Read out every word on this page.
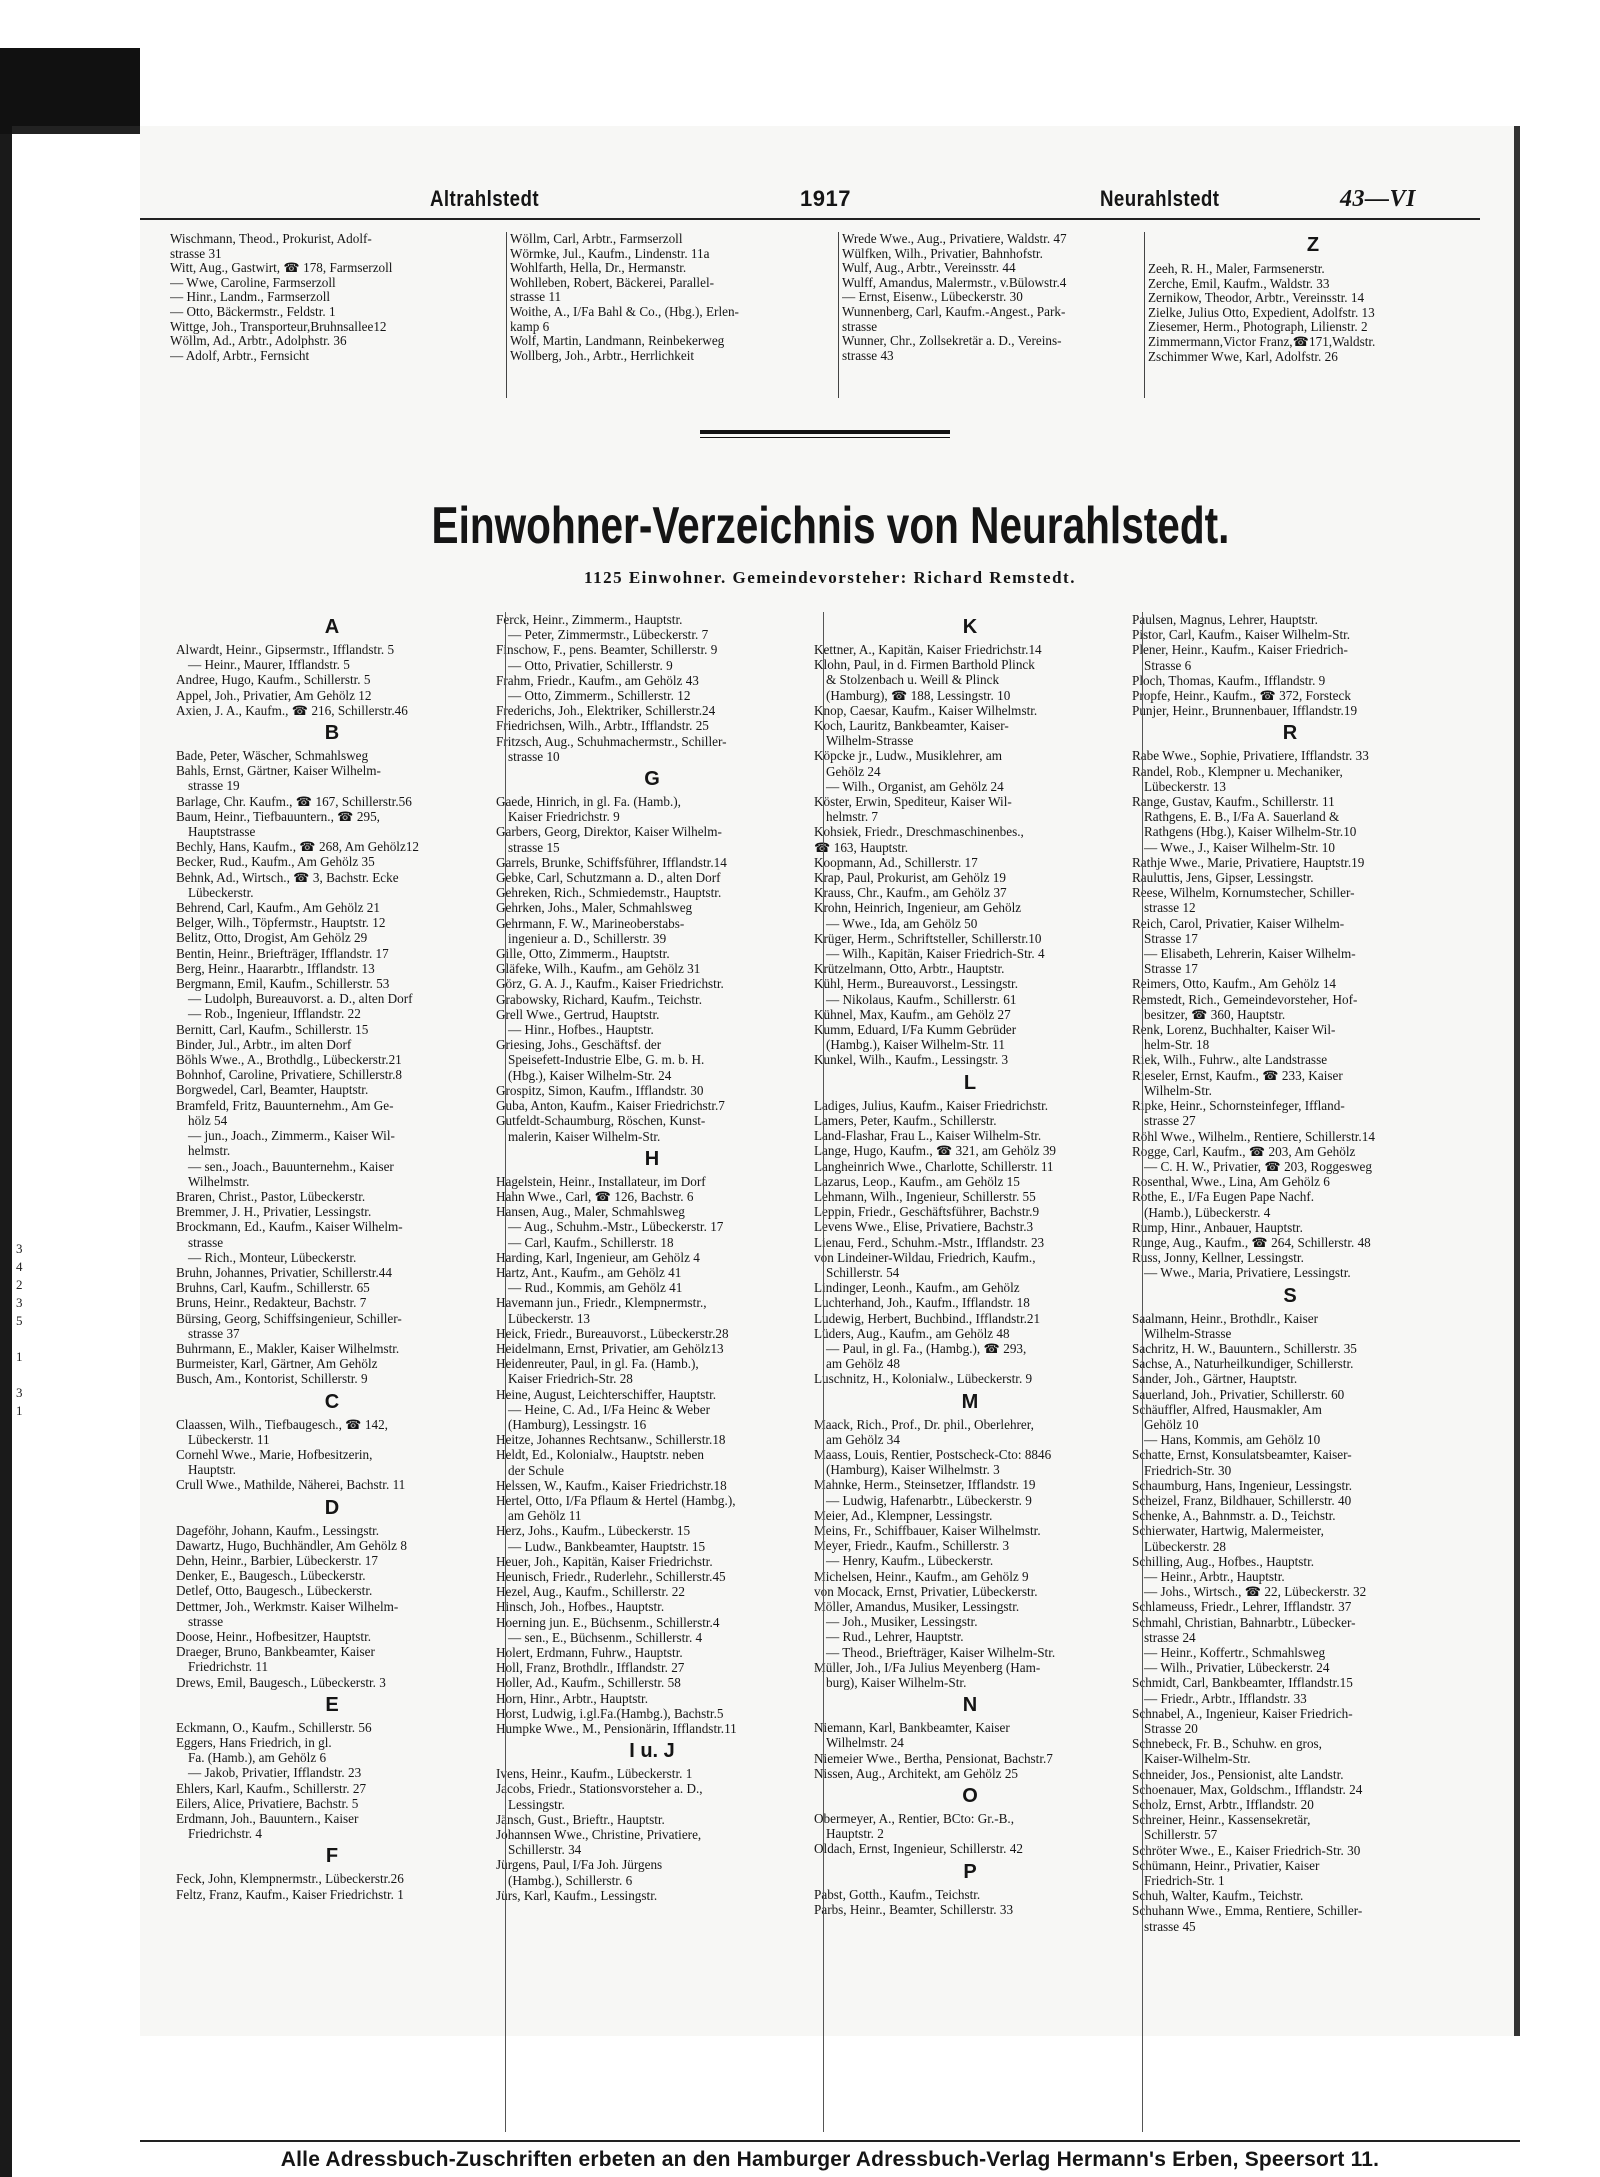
3
4
2
3
5

1

3
1
Altrahlstedt	1917	Neurahlstedt	43—VI
Wischmann, Theod., Prokurist, Adolf-
strasse 31
Witt, Aug., Gastwirt, ☎ 178, Farmserzoll
— Wwe, Caroline, Farmserzoll
— Hinr., Landm., Farmserzoll
— Otto, Bäckermstr., Feldstr. 1
Wittge, Joh., Transporteur,Bruhnsallee12
Wöllm, Ad., Arbtr., Adolphstr. 36
— Adolf, Arbtr., Fernsicht
Wöllm, Carl, Arbtr., Farmserzoll
Wörmke, Jul., Kaufm., Lindenstr. 11a
Wohlfarth, Hella, Dr., Hermanstr.
Wohlleben, Robert, Bäckerei, Parallel-
strasse 11
Woithe, A., I/Fa Bahl & Co., (Hbg.), Erlen-
kamp 6
Wolf, Martin, Landmann, Reinbekerweg
Wollberg, Joh., Arbtr., Herrlichkeit
Wrede Wwe., Aug., Privatiere, Waldstr. 47
Wülfken, Wilh., Privatier, Bahnhofstr.
Wulf, Aug., Arbtr., Vereinsstr. 44
Wulff, Amandus, Malermstr., v.Bülowstr.4
— Ernst, Eisenw., Lübeckerstr. 30
Wunnenberg, Carl, Kaufm.-Angest., Park-
strasse
Wunner, Chr., Zollsekretär a. D., Vereins-
strasse 43
Z
Zeeh, R. H., Maler, Farmsenerstr.
Zerche, Emil, Kaufm., Waldstr. 33
Zernikow, Theodor, Arbtr., Vereinsstr. 14
Zielke, Julius Otto, Expedient, Adolfstr. 13
Ziesemer, Herm., Photograph, Lilienstr. 2
Zimmermann,Victor Franz,☎171,Waldstr.
Zschimmer Wwe, Karl, Adolfstr. 26
Einwohner-Verzeichnis von Neurahlstedt.
1125 Einwohner. Gemeindevorsteher: Richard Remstedt.
A
Alwardt, Heinr., Gipsermstr., Ifflandstr. 5
— Heinr., Maurer, Ifflandstr. 5
Andree, Hugo, Kaufm., Schillerstr. 5
Appel, Joh., Privatier, Am Gehölz 12
Axien, J. A., Kaufm., ☎ 216, Schillerstr.46
B
Bade, Peter, Wäscher, Schmahlsweg
Bahls, Ernst, Gärtner, Kaiser Wilhelm-
strasse 19
Barlage, Chr. Kaufm., ☎ 167, Schillerstr.56
Baum, Heinr., Tiefbauuntern., ☎ 295,
Hauptstrasse
Bechly, Hans, Kaufm., ☎ 268, Am Gehölz12
Becker, Rud., Kaufm., Am Gehölz 35
Behnk, Ad., Wirtsch., ☎ 3, Bachstr. Ecke
Lübeckerstr.
Behrend, Carl, Kaufm., Am Gehölz 21
Belger, Wilh., Töpfermstr., Hauptstr. 12
Belitz, Otto, Drogist, Am Gehölz 29
Bentin, Heinr., Briefträger, Ifflandstr. 17
Berg, Heinr., Haararbtr., Ifflandstr. 13
Bergmann, Emil, Kaufm., Schillerstr. 53
— Ludolph, Bureauvorst. a. D., alten Dorf
— Rob., Ingenieur, Ifflandstr. 22
Bernitt, Carl, Kaufm., Schillerstr. 15
Binder, Jul., Arbtr., im alten Dorf
Böhls Wwe., A., Brothdlg., Lübeckerstr.21
Bohnhof, Caroline, Privatiere, Schillerstr.8
Borgwedel, Carl, Beamter, Hauptstr.
Bramfeld, Fritz, Bauunternehm., Am Ge-
hölz 54
— jun., Joach., Zimmerm., Kaiser Wil-
helmstr.
— sen., Joach., Bauunternehm., Kaiser
Wilhelmstr.
Braren, Christ., Pastor, Lübeckerstr.
Bremmer, J. H., Privatier, Lessingstr.
Brockmann, Ed., Kaufm., Kaiser Wilhelm-
strasse
— Rich., Monteur, Lübeckerstr.
Bruhn, Johannes, Privatier, Schillerstr.44
Bruhns, Carl, Kaufm., Schillerstr. 65
Bruns, Heinr., Redakteur, Bachstr. 7
Bürsing, Georg, Schiffsingenieur, Schiller-
strasse 37
Buhrmann, E., Makler, Kaiser Wilhelmstr.
Burmeister, Karl, Gärtner, Am Gehölz
Busch, Am., Kontorist, Schillerstr. 9
C
Claassen, Wilh., Tiefbaugesch., ☎ 142,
Lübeckerstr. 11
Cornehl Wwe., Marie, Hofbesitzerin,
Hauptstr.
Crull Wwe., Mathilde, Näherei, Bachstr. 11
D
Dageföhr, Johann, Kaufm., Lessingstr.
Dawartz, Hugo, Buchhändler, Am Gehölz 8
Dehn, Heinr., Barbier, Lübeckerstr. 17
Denker, E., Baugesch., Lübeckerstr.
Detlef, Otto, Baugesch., Lübeckerstr.
Dettmer, Joh., Werkmstr. Kaiser Wilhelm-
strasse
Doose, Heinr., Hofbesitzer, Hauptstr.
Draeger, Bruno, Bankbeamter, Kaiser
Friedrichstr. 11
Drews, Emil, Baugesch., Lübeckerstr. 3
E
Eckmann, O., Kaufm., Schillerstr. 56
Eggers, Hans Friedrich, in gl.
Fa. (Hamb.), am Gehölz 6
— Jakob, Privatier, Ifflandstr. 23
Ehlers, Karl, Kaufm., Schillerstr. 27
Eilers, Alice, Privatiere, Bachstr. 5
Erdmann, Joh., Bauuntern., Kaiser
Friedrichstr. 4
F
Feck, John, Klempnermstr., Lübeckerstr.26
Feltz, Franz, Kaufm., Kaiser Friedrichstr. 1
Ferck, Heinr., Zimmerm., Hauptstr.
— Peter, Zimmermstr., Lübeckerstr. 7
Finschow, F., pens. Beamter, Schillerstr. 9
— Otto, Privatier, Schillerstr. 9
Frahm, Friedr., Kaufm., am Gehölz 43
— Otto, Zimmerm., Schillerstr. 12
Frederichs, Joh., Elektriker, Schillerstr.24
Friedrichsen, Wilh., Arbtr., Ifflandstr. 25
Fritzsch, Aug., Schuhmachermstr., Schiller-
strasse 10
G
Gaede, Hinrich, in gl. Fa. (Hamb.),
Kaiser Friedrichstr. 9
Garbers, Georg, Direktor, Kaiser Wilhelm-
strasse 15
Garrels, Brunke, Schiffsführer, Ifflandstr.14
Gebke, Carl, Schutzmann a. D., alten Dorf
Gehreken, Rich., Schmiedemstr., Hauptstr.
Gehrken, Johs., Maler, Schmahlsweg
Gehrmann, F. W., Marineoberstabs-
ingenieur a. D., Schillerstr. 39
Gille, Otto, Zimmerm., Hauptstr.
Gläfeke, Wilh., Kaufm., am Gehölz 31
Görz, G. A. J., Kaufm., Kaiser Friedrichstr.
Grabowsky, Richard, Kaufm., Teichstr.
Grell Wwe., Gertrud, Hauptstr.
— Hinr., Hofbes., Hauptstr.
Griesing, Johs., Geschäftsf. der
Speisefett-Industrie Elbe, G. m. b. H.
(Hbg.), Kaiser Wilhelm-Str. 24
Grospitz, Simon, Kaufm., Ifflandstr. 30
Guba, Anton, Kaufm., Kaiser Friedrichstr.7
Gutfeldt-Schaumburg, Röschen, Kunst-
malerin, Kaiser Wilhelm-Str.
H
Hagelstein, Heinr., Installateur, im Dorf
Hahn Wwe., Carl, ☎ 126, Bachstr. 6
Hansen, Aug., Maler, Schmahlsweg
— Aug., Schuhm.-Mstr., Lübeckerstr. 17
— Carl, Kaufm., Schillerstr. 18
Harding, Karl, Ingenieur, am Gehölz 4
Hartz, Ant., Kaufm., am Gehölz 41
— Rud., Kommis, am Gehölz 41
Havemann jun., Friedr., Klempnermstr.,
Lübeckerstr. 13
Heick, Friedr., Bureauvorst., Lübeckerstr.28
Heidelmann, Ernst, Privatier, am Gehölz13
Heidenreuter, Paul, in gl. Fa. (Hamb.),
Kaiser Friedrich-Str. 28
Heine, August, Leichterschiffer, Hauptstr.
— Heine, C. Ad., I/Fa Heinc & Weber
(Hamburg), Lessingstr. 16
Heitze, Johannes Rechtsanw., Schillerstr.18
Heldt, Ed., Kolonialw., Hauptstr. neben
der Schule
Helssen, W., Kaufm., Kaiser Friedrichstr.18
Hertel, Otto, I/Fa Pflaum & Hertel (Hambg.),
am Gehölz 11
Herz, Johs., Kaufm., Lübeckerstr. 15
— Ludw., Bankbeamter, Hauptstr. 15
Heuer, Joh., Kapitän, Kaiser Friedrichstr.
Heunisch, Friedr., Ruderlehr., Schillerstr.45
Hezel, Aug., Kaufm., Schillerstr. 22
Hinsch, Joh., Hofbes., Hauptstr.
Hoerning jun. E., Büchsenm., Schillerstr.4
— sen., E., Büchsenm., Schillerstr. 4
Holert, Erdmann, Fuhrw., Hauptstr.
Holl, Franz, Brothdlr., Ifflandstr. 27
Holler, Ad., Kaufm., Schillerstr. 58
Horn, Hinr., Arbtr., Hauptstr.
Horst, Ludwig, i.gl.Fa.(Hambg.), Bachstr.5
Humpke Wwe., M., Pensionärin, Ifflandstr.11
I u. J
Ivens, Heinr., Kaufm., Lübeckerstr. 1
Jacobs, Friedr., Stationsvorsteher a. D.,
Lessingstr.
Jänsch, Gust., Brieftr., Hauptstr.
Johannsen Wwe., Christine, Privatiere,
Schillerstr. 34
Jürgens, Paul, I/Fa Joh. Jürgens
(Hambg.), Schillerstr. 6
Jürs, Karl, Kaufm., Lessingstr.
K
Kettner, A., Kapitän, Kaiser Friedrichstr.14
Klohn, Paul, in d. Firmen Barthold Plinck
& Stolzenbach u. Weill & Plinck
(Hamburg), ☎ 188, Lessingstr. 10
Knop, Caesar, Kaufm., Kaiser Wilhelmstr.
Koch, Lauritz, Bankbeamter, Kaiser-
Wilhelm-Strasse
Köpcke jr., Ludw., Musiklehrer, am
Gehölz 24
— Wilh., Organist, am Gehölz 24
Köster, Erwin, Spediteur, Kaiser Wil-
helmstr. 7
Kohsiek, Friedr., Dreschmaschinenbes.,
☎ 163, Hauptstr.
Koopmann, Ad., Schillerstr. 17
Krap, Paul, Prokurist, am Gehölz 19
Krauss, Chr., Kaufm., am Gehölz 37
Krohn, Heinrich, Ingenieur, am Gehölz
— Wwe., Ida, am Gehölz 50
Krüger, Herm., Schriftsteller, Schillerstr.10
— Wilh., Kapitän, Kaiser Friedrich-Str. 4
Krützelmann, Otto, Arbtr., Hauptstr.
Kühl, Herm., Bureauvorst., Lessingstr.
— Nikolaus, Kaufm., Schillerstr. 61
Kühnel, Max, Kaufm., am Gehölz 27
Kumm, Eduard, I/Fa Kumm Gebrüder
(Hambg.), Kaiser Wilhelm-Str. 11
Kunkel, Wilh., Kaufm., Lessingstr. 3
L
Ladiges, Julius, Kaufm., Kaiser Friedrichstr.
Lamers, Peter, Kaufm., Schillerstr.
Land-Flashar, Frau L., Kaiser Wilhelm-Str.
Lange, Hugo, Kaufm., ☎ 321, am Gehölz 39
Langheinrich Wwe., Charlotte, Schillerstr. 11
Lazarus, Leop., Kaufm., am Gehölz 15
Lehmann, Wilh., Ingenieur, Schillerstr. 55
Leppin, Friedr., Geschäftsführer, Bachstr.9
Levens Wwe., Elise, Privatiere, Bachstr.3
Lienau, Ferd., Schuhm.-Mstr., Ifflandstr. 23
von Lindeiner-Wildau, Friedrich, Kaufm.,
Schillerstr. 54
Lindinger, Leonh., Kaufm., am Gehölz
Luchterhand, Joh., Kaufm., Ifflandstr. 18
Ludewig, Herbert, Buchbind., Ifflandstr.21
Lüders, Aug., Kaufm., am Gehölz 48
— Paul, in gl. Fa., (Hambg.), ☎ 293,
am Gehölz 48
Luschnitz, H., Kolonialw., Lübeckerstr. 9
M
Maack, Rich., Prof., Dr. phil., Oberlehrer,
am Gehölz 34
Maass, Louis, Rentier, Postscheck-Cto: 8846
(Hamburg), Kaiser Wilhelmstr. 3
Mahnke, Herm., Steinsetzer, Ifflandstr. 19
— Ludwig, Hafenarbtr., Lübeckerstr. 9
Meier, Ad., Klempner, Lessingstr.
Meins, Fr., Schiffbauer, Kaiser Wilhelmstr.
Meyer, Friedr., Kaufm., Schillerstr. 3
— Henry, Kaufm., Lübeckerstr.
Michelsen, Heinr., Kaufm., am Gehölz 9
von Mocack, Ernst, Privatier, Lübeckerstr.
Möller, Amandus, Musiker, Lessingstr.
— Joh., Musiker, Lessingstr.
— Rud., Lehrer, Hauptstr.
— Theod., Briefträger, Kaiser Wilhelm-Str.
Müller, Joh., I/Fa Julius Meyenberg (Ham-
burg), Kaiser Wilhelm-Str.
N
Niemann, Karl, Bankbeamter, Kaiser
Wilhelmstr. 24
Niemeier Wwe., Bertha, Pensionat, Bachstr.7
Nissen, Aug., Architekt, am Gehölz 25
O
Obermeyer, A., Rentier, BCto: Gr.-B.,
Hauptstr. 2
Oldach, Ernst, Ingenieur, Schillerstr. 42
P
Pabst, Gotth., Kaufm., Teichstr.
Parbs, Heinr., Beamter, Schillerstr. 33
Paulsen, Magnus, Lehrer, Hauptstr.
Pistor, Carl, Kaufm., Kaiser Wilhelm-Str.
Plener, Heinr., Kaufm., Kaiser Friedrich-
Strasse 6
Ploch, Thomas, Kaufm., Ifflandstr. 9
Propfe, Heinr., Kaufm., ☎ 372, Forsteck
Punjer, Heinr., Brunnenbauer, Ifflandstr.19
R
Rabe Wwe., Sophie, Privatiere, Ifflandstr. 33
Randel, Rob., Klempner u. Mechaniker,
Lübeckerstr. 13
Range, Gustav, Kaufm., Schillerstr. 11
Rathgens, E. B., I/Fa A. Sauerland &
Rathgens (Hbg.), Kaiser Wilhelm-Str.10
— Wwe., J., Kaiser Wilhelm-Str. 10
Rathje Wwe., Marie, Privatiere, Hauptstr.19
Rauluttis, Jens, Gipser, Lessingstr.
Reese, Wilhelm, Kornumstecher, Schiller-
strasse 12
Reich, Carol, Privatier, Kaiser Wilhelm-
Strasse 17
— Elisabeth, Lehrerin, Kaiser Wilhelm-
Strasse 17
Reimers, Otto, Kaufm., Am Gehölz 14
Remstedt, Rich., Gemeindevorsteher, Hof-
besitzer, ☎ 360, Hauptstr.
Renk, Lorenz, Buchhalter, Kaiser Wil-
helm-Str. 18
Riek, Wilh., Fuhrw., alte Landstrasse
Rieseler, Ernst, Kaufm., ☎ 233, Kaiser
Wilhelm-Str.
Ripke, Heinr., Schornsteinfeger, Iffland-
strasse 27
Röhl Wwe., Wilhelm., Rentiere, Schillerstr.14
Rogge, Carl, Kaufm., ☎ 203, Am Gehölz
— C. H. W., Privatier, ☎ 203, Roggesweg
Rosenthal, Wwe., Lina, Am Gehölz 6
Rothe, E., I/Fa Eugen Pape Nachf.
(Hamb.), Lübeckerstr. 4
Rump, Hinr., Anbauer, Hauptstr.
Runge, Aug., Kaufm., ☎ 264, Schillerstr. 48
Russ, Jonny, Kellner, Lessingstr.
— Wwe., Maria, Privatiere, Lessingstr.
S
Saalmann, Heinr., Brothdlr., Kaiser
Wilhelm-Strasse
Sachritz, H. W., Bauuntern., Schillerstr. 35
Sachse, A., Naturheilkundiger, Schillerstr.
Sander, Joh., Gärtner, Hauptstr.
Sauerland, Joh., Privatier, Schillerstr. 60
Schäuffler, Alfred, Hausmakler, Am
Gehölz 10
— Hans, Kommis, am Gehölz 10
Schatte, Ernst, Konsulatsbeamter, Kaiser-
Friedrich-Str. 30
Schaumburg, Hans, Ingenieur, Lessingstr.
Scheizel, Franz, Bildhauer, Schillerstr. 40
Schenke, A., Bahnmstr. a. D., Teichstr.
Schierwater, Hartwig, Malermeister,
Lübeckerstr. 28
Schilling, Aug., Hofbes., Hauptstr.
— Heinr., Arbtr., Hauptstr.
— Johs., Wirtsch., ☎ 22, Lübeckerstr. 32
Schlameuss, Friedr., Lehrer, Ifflandstr. 37
Schmahl, Christian, Bahnarbtr., Lübecker-
strasse 24
— Heinr., Koffertr., Schmahlsweg
— Wilh., Privatier, Lübeckerstr. 24
Schmidt, Carl, Bankbeamter, Ifflandstr.15
— Friedr., Arbtr., Ifflandstr. 33
Schnabel, A., Ingenieur, Kaiser Friedrich-
Strasse 20
Schnebeck, Fr. B., Schuhw. en gros,
Kaiser-Wilhelm-Str.
Schneider, Jos., Pensionist, alte Landstr.
Schoenauer, Max, Goldschm., Ifflandstr. 24
Scholz, Ernst, Arbtr., Ifflandstr. 20
Schreiner, Heinr., Kassensekretär,
Schillerstr. 57
Schröter Wwe., E., Kaiser Friedrich-Str. 30
Schümann, Heinr., Privatier, Kaiser
Friedrich-Str. 1
Schuh, Walter, Kaufm., Teichstr.
Schuhann Wwe., Emma, Rentiere, Schiller-
strasse 45
Alle Adressbuch-Zuschriften erbeten an den Hamburger Adressbuch-Verlag Hermann's Erben, Speersort 11.
